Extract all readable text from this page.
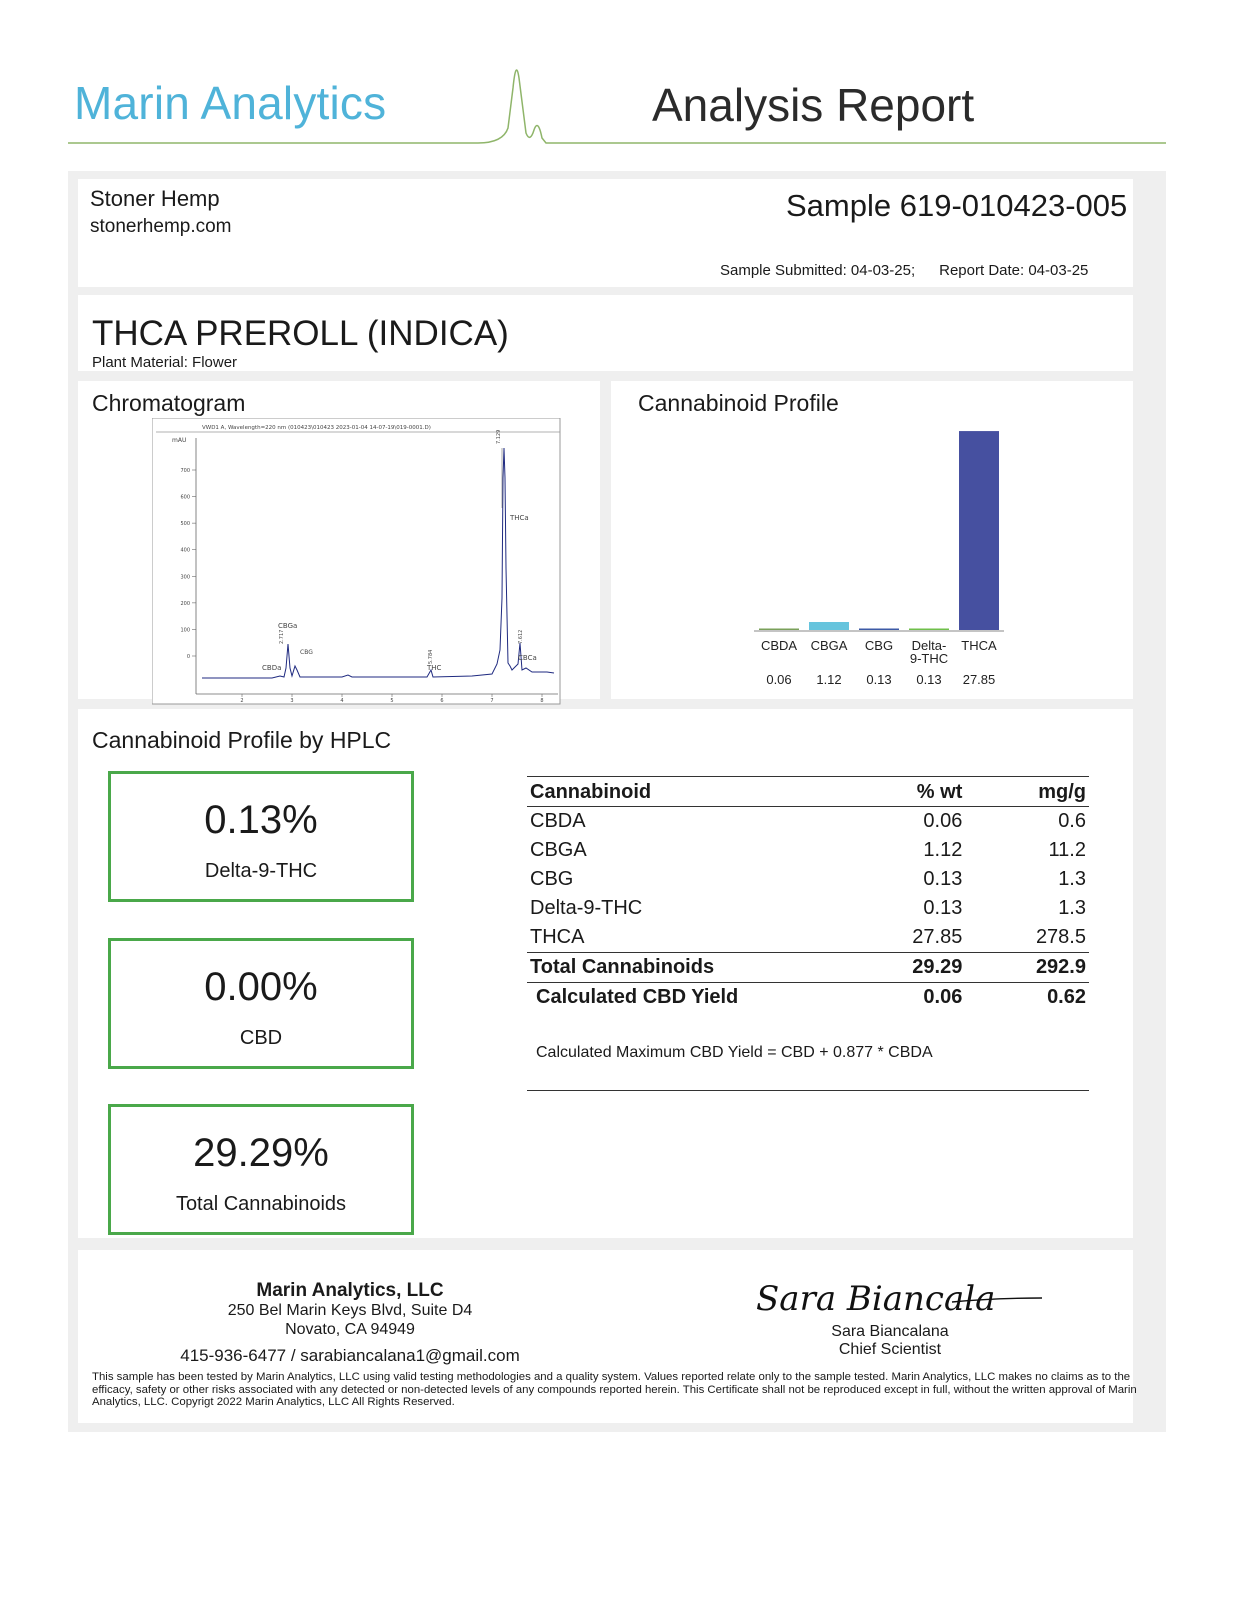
Marin Analytics	Analysis Report
Stoner Hemp
stonerhemp.com
Sample 619-010423-005
Sample Submitted: 04-03-25; Report Date: 04-03-25
THCA PREROLL (INDICA)
Plant Material: Flower
Chromatogram	Cannabinoid Profile
Cannabinoid Profile by HPLC
VWD1 A, Wavelength=220 nm (010423\010423 2023-01-04 14-07-19\019-0001.D)
mAU
700
600
500
400
300
200
100
0
2	3	4	5	6	7	8
CBGa
CBG
CBDa	THC
THCa
CBCa
7.129
2.717
5.784
7.612
CBDA
0.06
CBGA
1.12
CBG
0.13
Delta-
9-THC
0.13
THCA
27.85
0.13%
Delta-9-THC
0.00%
CBD
29.29%
Total Cannabinoids
Cannabinoid	% wt	mg/g
CBDA	0.06	0.6
CBGA	1.12	11.2
CBG	0.13	1.3
Delta-9-THC	0.13	1.3
THCA	27.85	278.5
Total Cannabinoids	29.29	292.9
Calculated CBD Yield	0.06	0.62
Calculated Maximum CBD Yield = CBD + 0.877 * CBDA
Marin Analytics, LLC
250 Bel Marin Keys Blvd, Suite D4
Novato, CA 94949
415-936-6477 / sarabiancalana1@gmail.com
Sara Biancala
Sara Biancalana
Chief Scientist
This sample has been tested by Marin Analytics, LLC using valid testing methodologies and a quality system. Values reported relate only to the sample tested. Marin Analytics, LLC makes no claims as to the efficacy, safety or other risks associated with any detected or non-detected levels of any compounds reported herein. This Certificate shall not be reproduced except in full, without the written approval of Marin Analytics, LLC. Copyrigt 2022 Marin Analytics, LLC All Rights Reserved.
